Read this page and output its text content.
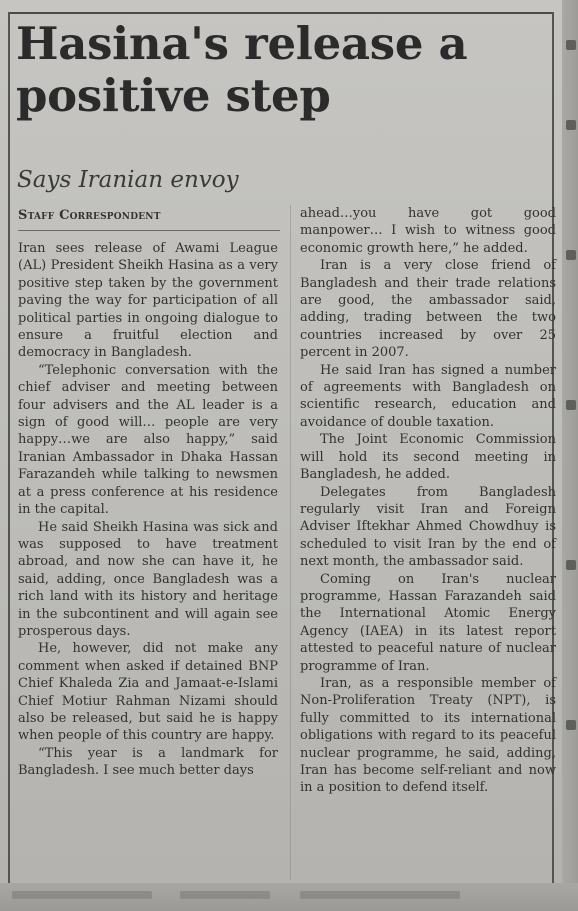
Hasina's release a positive step
Says Iranian envoy
Staff Correspondent

Iran sees release of Awami League (AL) President Sheikh Hasina as a very positive step taken by the government paving the way for participation of all political parties in ongoing dialogue to ensure a fruitful election and democracy in Bangladesh.

“Telephonic conversation with the chief adviser and meeting between four advisers and the AL leader is a sign of good will… people are very happy…we are also happy,” said Iranian Ambassador in Dhaka Hassan Farazandeh while talking to newsmen at a press conference at his residence in the capital.

He said Sheikh Hasina was sick and was supposed to have treatment abroad, and now she can have it, he said, adding, once Bangladesh was a rich land with its history and heritage in the subcontinent and will again see prosperous days.

He, however, did not make any comment when asked if detained BNP Chief Khaleda Zia and Jamaat-e-Islami Chief Motiur Rahman Nizami should also be released, but said he is happy when people of this country are happy.

“This year is a landmark for Bangladesh. I see much better days

ahead…you have got good manpower… I wish to witness good economic growth here,” he added.

Iran is a very close friend of Bangladesh and their trade relations are good, the ambassador said, adding, trading between the two countries increased by over 25 percent in 2007.

He said Iran has signed a number of agreements with Bangladesh on scientific research, education and avoidance of double taxation.

The Joint Economic Commission will hold its second meeting in Bangladesh, he added.

Delegates from Bangladesh regularly visit Iran and Foreign Adviser Iftekhar Ahmed Chowdhuy is scheduled to visit Iran by the end of next month, the ambassador said.

Coming on Iran's nuclear programme, Hassan Farazandeh said the International Atomic Energy Agency (IAEA) in its latest report attested to peaceful nature of nuclear programme of Iran.

Iran, as a responsible member of Non-Proliferation Treaty (NPT), is fully committed to its international obligations with regard to its peaceful nuclear programme, he said, adding, Iran has become self-reliant and now in a position to defend itself.
